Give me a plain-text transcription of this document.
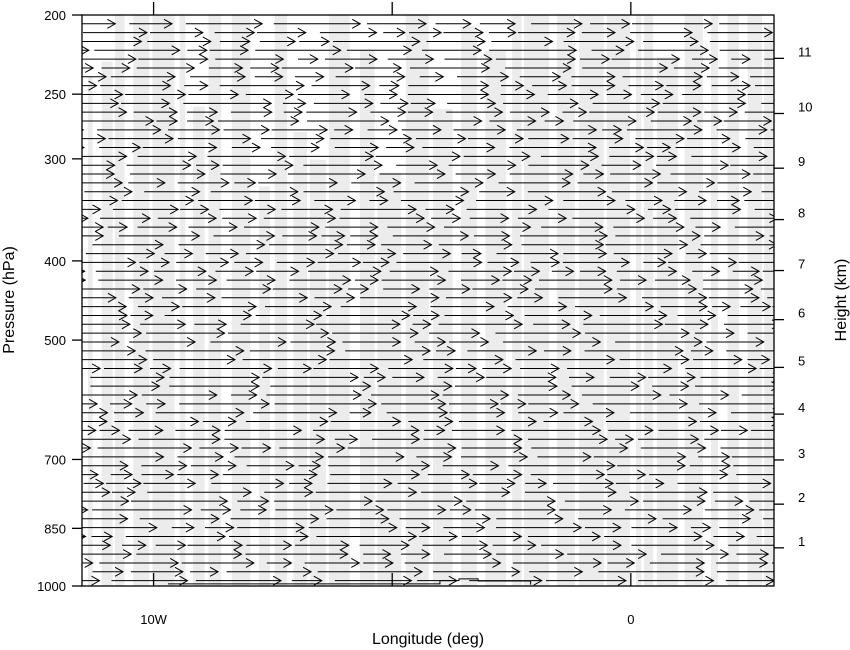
10W	0
200
250
300
400
500
700
850
1000
1
2
3
4
5
6
7
8
9
10
11
Longitude (deg)
Pressure (hPa)	Height (km)
